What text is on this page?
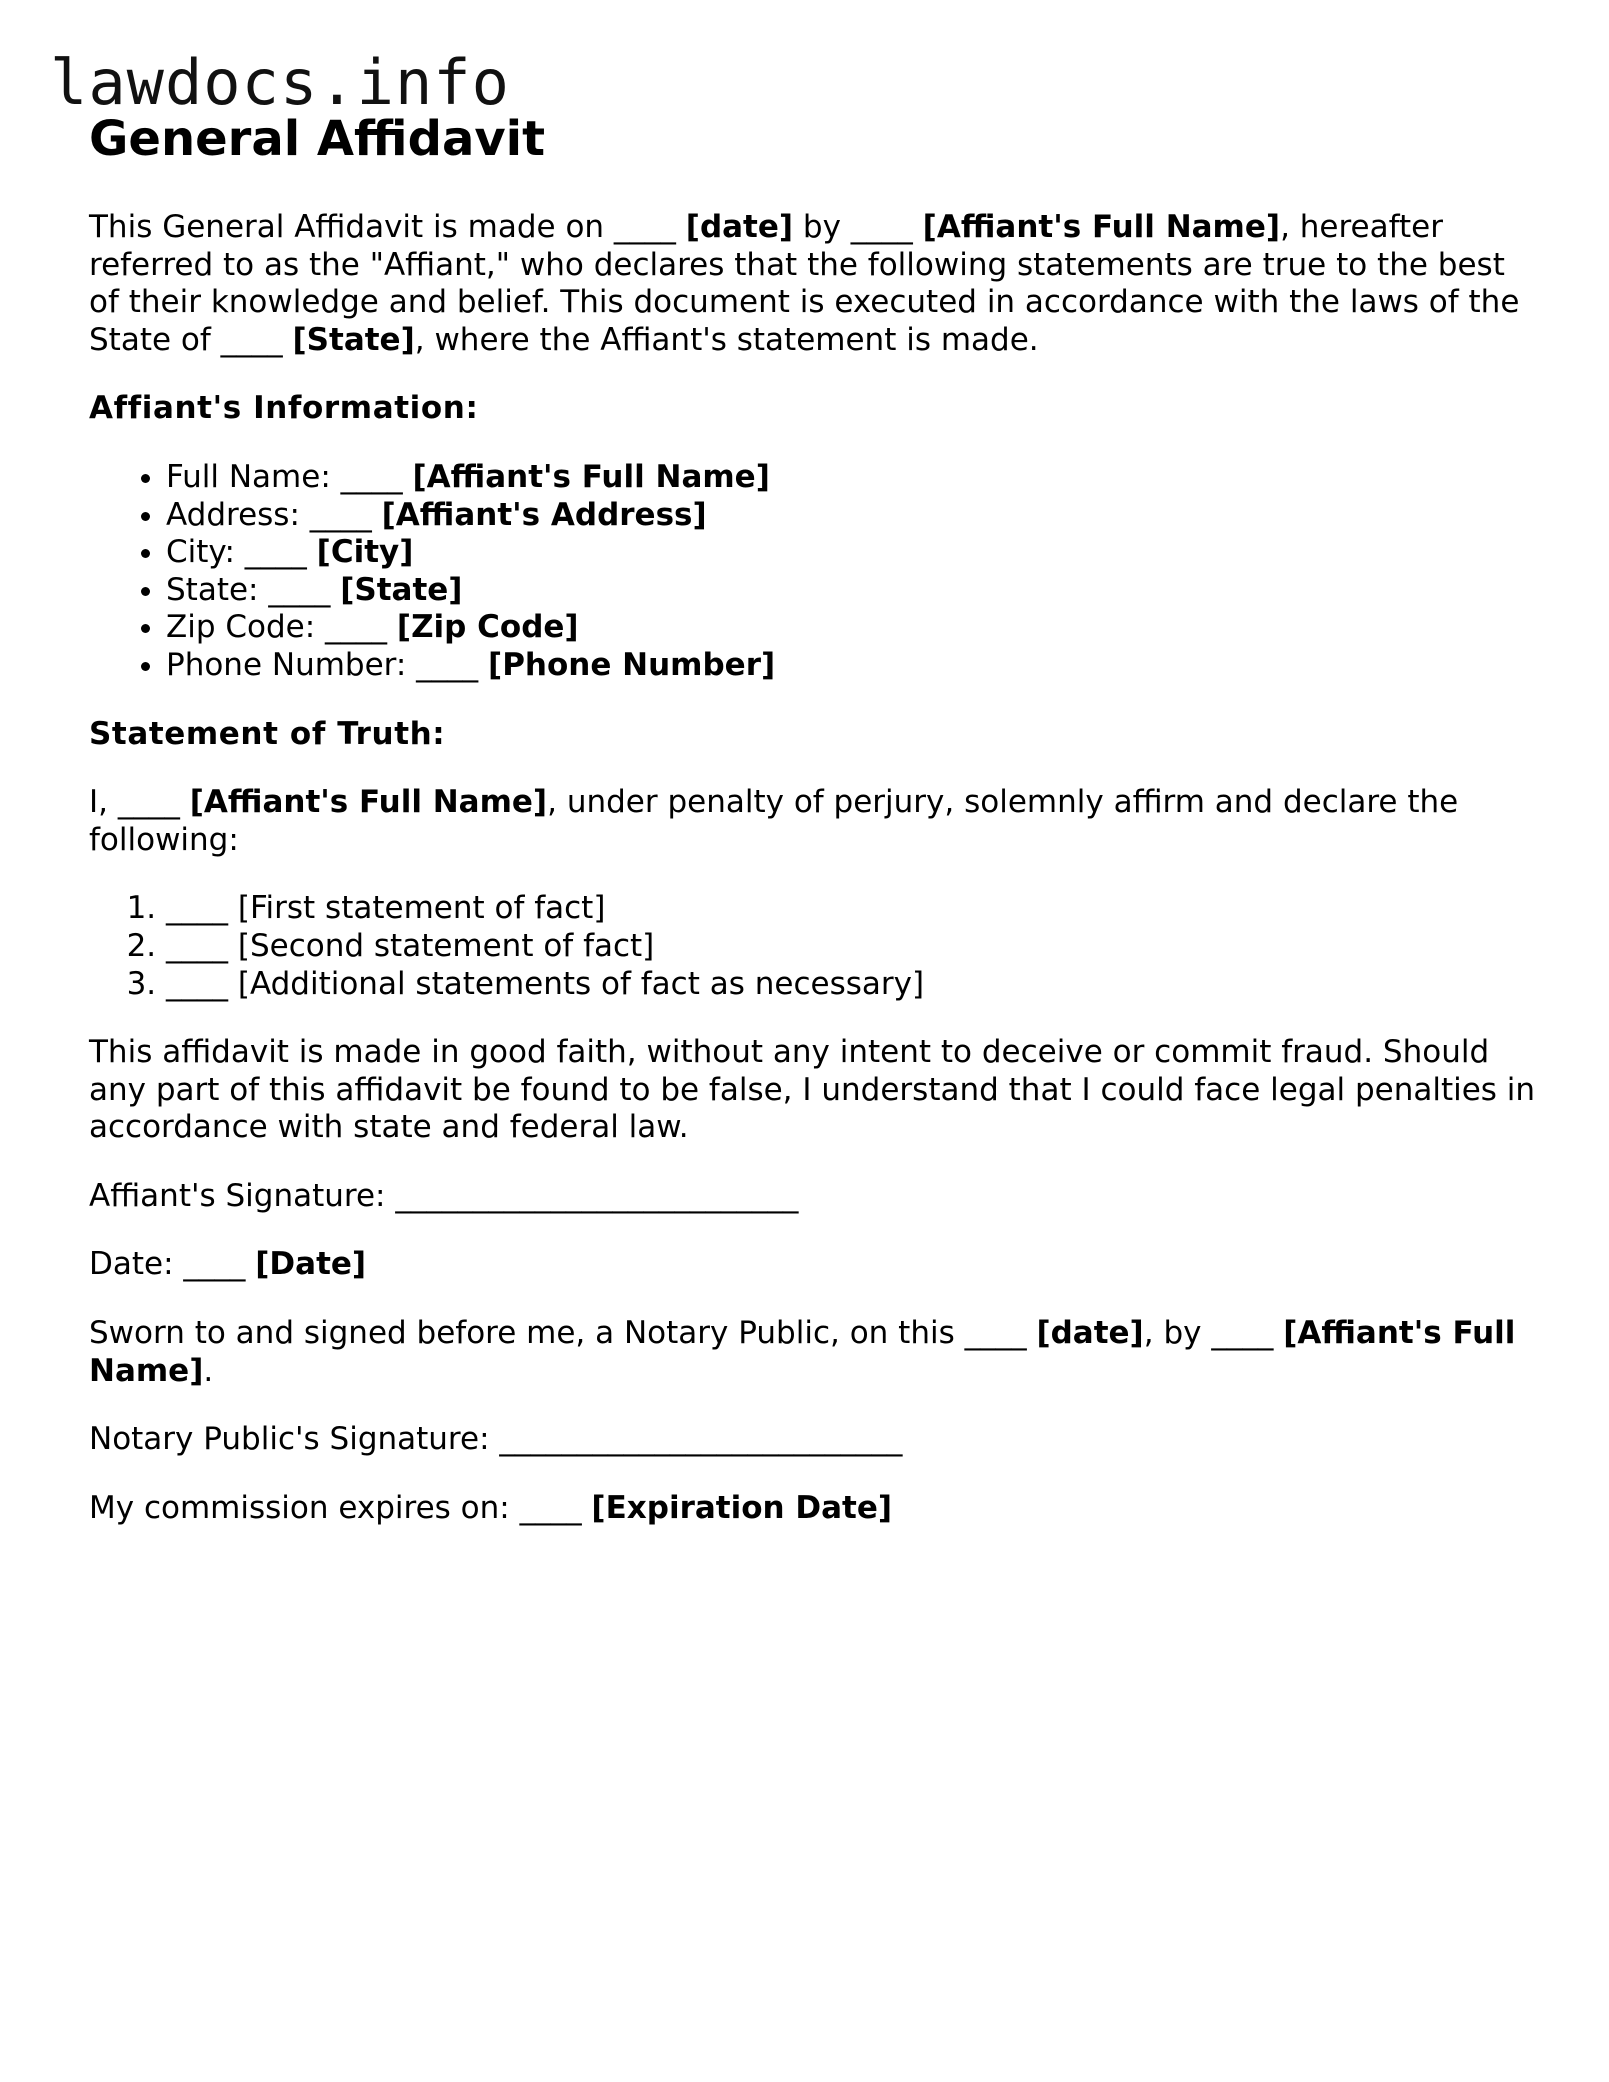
lawdocs.info
General Affidavit

This General Affidavit is made on ____ [date] by ____ [Affiant's Full Name], hereafter referred to as the "Affiant," who declares that the following statements are true to the best of their knowledge and belief. This document is executed in accordance with the laws of the State of ____ [State], where the Affiant's statement is made.

Affiant's Information:

• Full Name: ____ [Affiant's Full Name]
• Address: ____ [Affiant's Address]
• City: ____ [City]
• State: ____ [State]
• Zip Code: ____ [Zip Code]
• Phone Number: ____ [Phone Number]

Statement of Truth:

I, ____ [Affiant's Full Name], under penalty of perjury, solemnly affirm and declare the following:

1. ____ [First statement of fact]
2. ____ [Second statement of fact]
3. ____ [Additional statements of fact as necessary]

This affidavit is made in good faith, without any intent to deceive or commit fraud. Should any part of this affidavit be found to be false, I understand that I could face legal penalties in accordance with state and federal law.

Affiant's Signature: __________________________

Date: ____ [Date]

Sworn to and signed before me, a Notary Public, on this ____ [date], by ____ [Affiant's Full Name].

Notary Public's Signature: __________________________

My commission expires on: ____ [Expiration Date]
